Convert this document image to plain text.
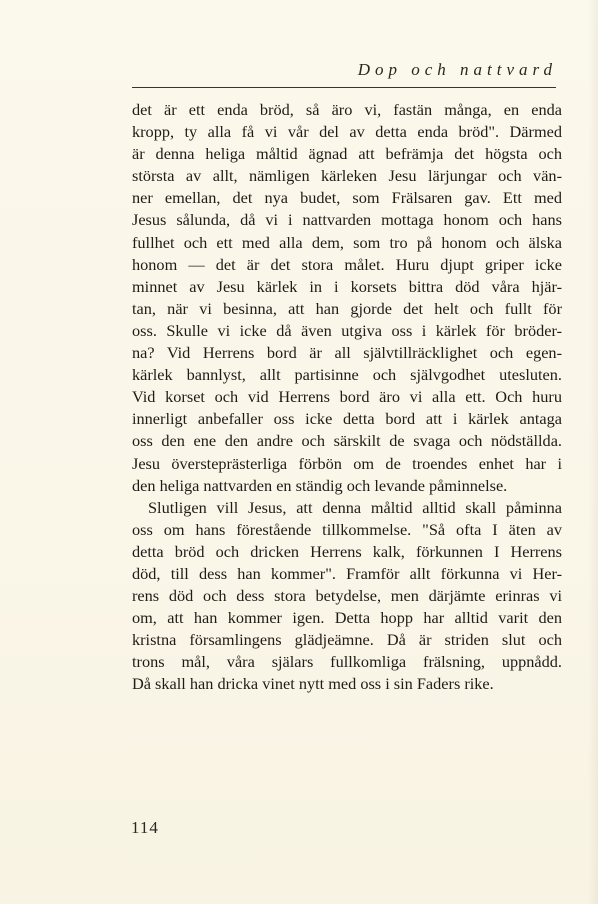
Dop och nattvard
det är ett enda bröd, så äro vi, fastän många, en enda
kropp, ty alla få vi vår del av detta enda bröd". Därmed
är denna heliga måltid ägnad att befrämja det högsta och
största av allt, nämligen kärleken Jesu lärjungar och vän-
ner emellan, det nya budet, som Frälsaren gav. Ett med
Jesus sålunda, då vi i nattvarden mottaga honom och hans
fullhet och ett med alla dem, som tro på honom och älska
honom — det är det stora målet. Huru djupt griper icke
minnet av Jesu kärlek in i korsets bittra död våra hjär-
tan, när vi besinna, att han gjorde det helt och fullt för
oss. Skulle vi icke då även utgiva oss i kärlek för bröder-
na? Vid Herrens bord är all självtillräcklighet och egen-
kärlek bannlyst, allt partisinne och självgodhet utesluten.
Vid korset och vid Herrens bord äro vi alla ett. Och huru
innerligt anbefaller oss icke detta bord att i kärlek antaga
oss den ene den andre och särskilt de svaga och nödställda.
Jesu översteprästerliga förbön om de troendes enhet har i
den heliga nattvarden en ständig och levande påminnelse.
Slutligen vill Jesus, att denna måltid alltid skall påminna
oss om hans förestående tillkommelse. "Så ofta I äten av
detta bröd och dricken Herrens kalk, förkunnen I Herrens
död, till dess han kommer". Framför allt förkunna vi Her-
rens död och dess stora betydelse, men därjämte erinras vi
om, att han kommer igen. Detta hopp har alltid varit den
kristna församlingens glädjeämne. Då är striden slut och
trons mål, våra själars fullkomliga frälsning, uppnådd.
Då skall han dricka vinet nytt med oss i sin Faders rike.
114
